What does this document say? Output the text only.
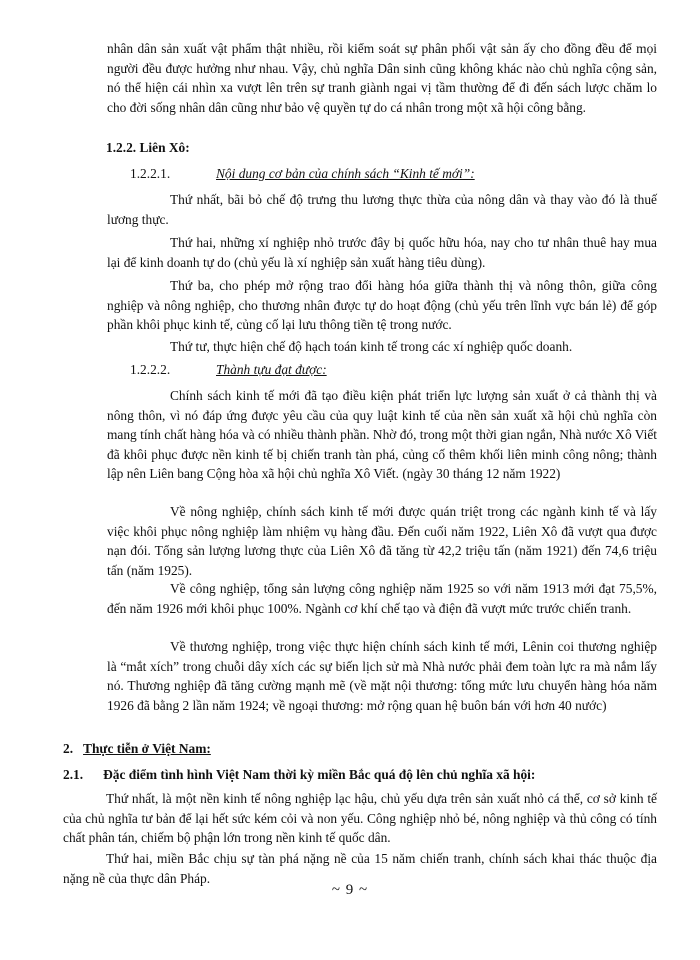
nhân dân sản xuất vật phẩm thật nhiều, rồi kiểm soát sự phân phối vật sản ấy cho đồng đều để mọi người đều được hưởng như nhau. Vậy, chủ nghĩa Dân sinh cũng không khác nào chủ nghĩa cộng sản, nó thể hiện cái nhìn xa vượt lên trên sự tranh giành ngai vị tầm thường để đi đến sách lược chăm lo cho đời sống nhân dân cũng như bảo vệ quyền tự do cá nhân trong một xã hội công bằng.

1.2.2. Liên Xô:

1.2.2.1.	Nội dung cơ bản của chính sách “Kinh tế mới”:

Thứ nhất, bãi bỏ chế độ trưng thu lương thực thừa của nông dân và thay vào đó là thuế lương thực.

Thứ hai, những xí nghiệp nhỏ trước đây bị quốc hữu hóa, nay cho tư nhân thuê hay mua lại để kinh doanh tự do (chủ yếu là xí nghiệp sản xuất hàng tiêu dùng).

Thứ ba, cho phép mở rộng trao đổi hàng hóa giữa thành thị và nông thôn, giữa công nghiệp và nông nghiệp, cho thương nhân được tự do hoạt động (chủ yếu trên lĩnh vực bán lẻ) để góp phần khôi phục kinh tế, củng cố lại lưu thông tiền tệ trong nước.

Thứ tư, thực hiện chế độ hạch toán kinh tế trong các xí nghiệp quốc doanh.

1.2.2.2.	Thành tựu đạt được:

Chính sách kinh tế mới đã tạo điều kiện phát triển lực lượng sản xuất ở cả thành thị và nông thôn, vì nó đáp ứng được yêu cầu của quy luật kinh tế của nền sản xuất xã hội chủ nghĩa còn mang tính chất hàng hóa và có nhiều thành phần. Nhờ đó, trong một thời gian ngắn, Nhà nước Xô Viết đã khôi phục được nền kinh tế bị chiến tranh tàn phá, củng cố thêm khối liên minh công nông; thành lập nên Liên bang Cộng hòa xã hội chủ nghĩa Xô Viết. (ngày 30 tháng 12 năm 1922)

Về nông nghiệp, chính sách kinh tế mới được quán triệt trong các ngành kinh tế và lấy việc khôi phục nông nghiệp làm nhiệm vụ hàng đầu. Đến cuối năm 1922, Liên Xô đã vượt qua được nạn đói. Tổng sản lượng lương thực của Liên Xô đã tăng từ 42,2 triệu tấn (năm 1921) đến 74,6 triệu tấn (năm 1925).

Về công nghiệp, tổng sản lượng công nghiệp năm 1925 so với năm 1913 mới đạt 75,5%, đến năm 1926 mới khôi phục 100%. Ngành cơ khí chế tạo và điện đã vượt mức trước chiến tranh.

Về thương nghiệp, trong việc thực hiện chính sách kinh tế mới, Lênin coi thương nghiệp là “mắt xích” trong chuỗi dây xích các sự biến lịch sử mà Nhà nước phải đem toàn lực ra mà nắm lấy nó. Thương nghiệp đã tăng cường mạnh mẽ (về mặt nội thương: tổng mức lưu chuyển hàng hóa năm 1926 đã bằng 2 lần năm 1924; về ngoại thương: mở rộng quan hệ buôn bán với hơn 40 nước)

2. Thực tiễn ở Việt Nam:

2.1. Đặc điểm tình hình Việt Nam thời kỳ miền Bắc quá độ lên chủ nghĩa xã hội:

Thứ nhất, là một nền kinh tế nông nghiệp lạc hậu, chủ yếu dựa trên sản xuất nhỏ cá thể, cơ sở kinh tế của chủ nghĩa tư bản để lại hết sức kém cỏi và non yếu. Công nghiệp nhỏ bé, nông nghiệp và thủ công có tính chất phân tán, chiếm bộ phận lớn trong nền kinh tế quốc dân.

Thứ hai, miền Bắc chịu sự tàn phá nặng nề của 15 năm chiến tranh, chính sách khai thác thuộc địa nặng nề của thực dân Pháp.

~ 9 ~
